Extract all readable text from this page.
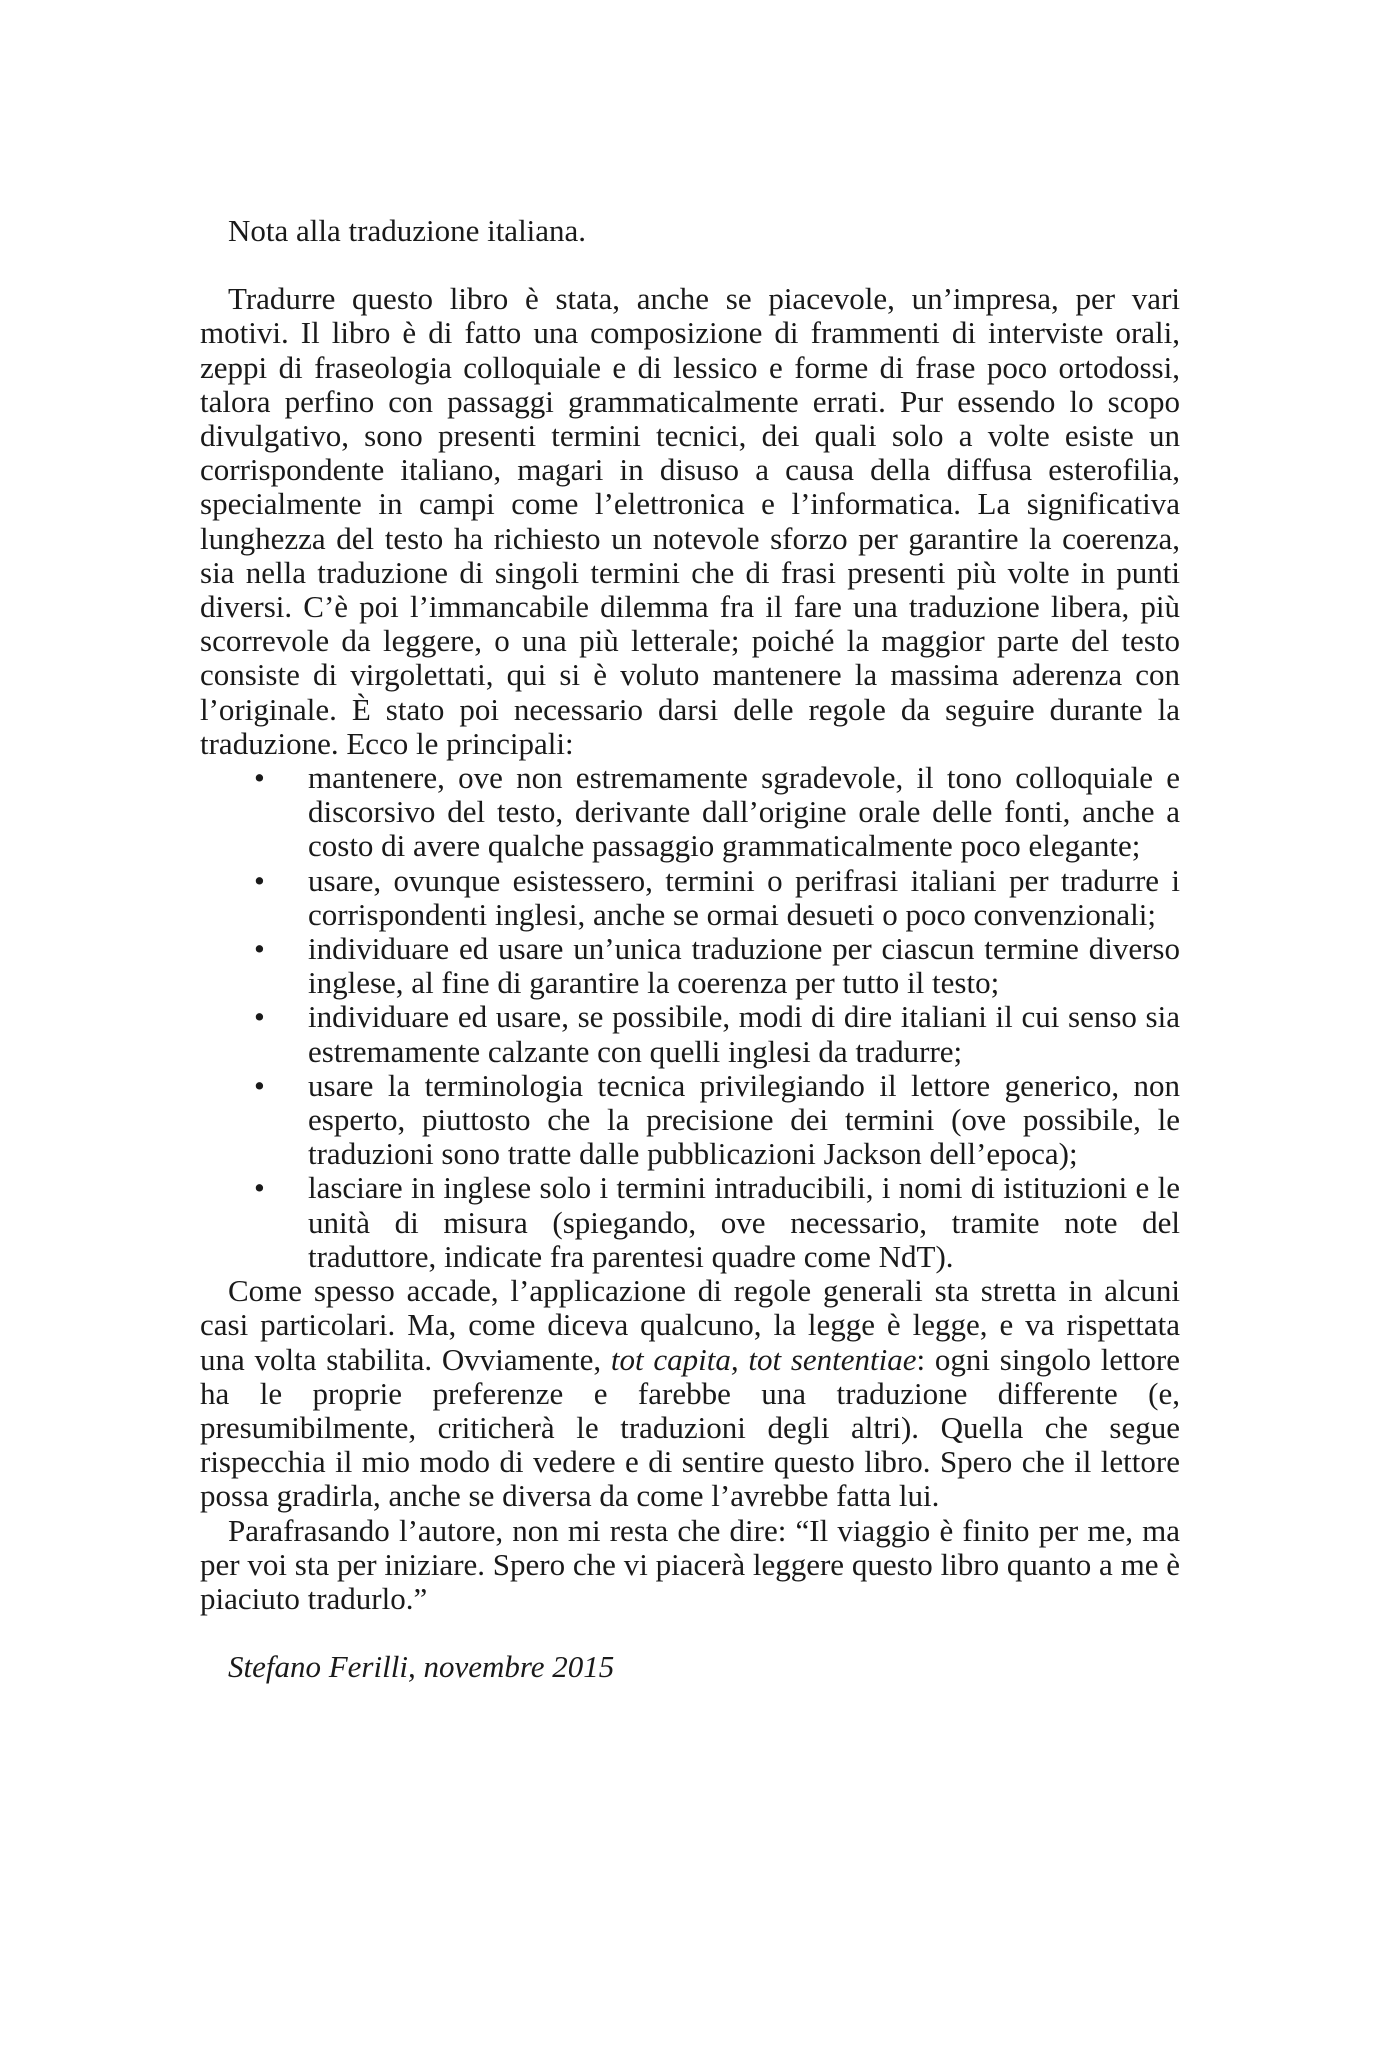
Nota alla traduzione italiana.

Tradurre questo libro è stata, anche se piacevole, un’impresa, per vari motivi. Il libro è di fatto una composizione di frammenti di interviste orali, zeppi di fraseologia colloquiale e di lessico e forme di frase poco ortodossi, talora perfino con passaggi grammaticalmente errati. Pur essendo lo scopo divulgativo, sono presenti termini tecnici, dei quali solo a volte esiste un corrispondente italiano, magari in disuso a causa della diffusa esterofilia, specialmente in campi come l’elettronica e l’informatica. La significativa lunghezza del testo ha richiesto un notevole sforzo per garantire la coerenza, sia nella traduzione di singoli termini che di frasi presenti più volte in punti diversi. C’è poi l’immancabile dilemma fra il fare una traduzione libera, più scorrevole da leggere, o una più letterale; poiché la maggior parte del testo consiste di virgolettati, qui si è voluto mantenere la massima aderenza con l’originale. È stato poi necessario darsi delle regole da seguire durante la traduzione. Ecco le principali:

• mantenere, ove non estremamente sgradevole, il tono colloquiale e discorsivo del testo, derivante dall’origine orale delle fonti, anche a costo di avere qualche passaggio grammaticalmente poco elegante;
• usare, ovunque esistessero, termini o perifrasi italiani per tradurre i corrispondenti inglesi, anche se ormai desueti o poco convenzionali;
• individuare ed usare un’unica traduzione per ciascun termine diverso inglese, al fine di garantire la coerenza per tutto il testo;
• individuare ed usare, se possibile, modi di dire italiani il cui senso sia estremamente calzante con quelli inglesi da tradurre;
• usare la terminologia tecnica privilegiando il lettore generico, non esperto, piuttosto che la precisione dei termini (ove possibile, le traduzioni sono tratte dalle pubblicazioni Jackson dell’epoca);
• lasciare in inglese solo i termini intraducibili, i nomi di istituzioni e le unità di misura (spiegando, ove necessario, tramite note del traduttore, indicate fra parentesi quadre come NdT).

Come spesso accade, l’applicazione di regole generali sta stretta in alcuni casi particolari. Ma, come diceva qualcuno, la legge è legge, e va rispettata una volta stabilita. Ovviamente, tot capita, tot sententiae: ogni singolo lettore ha le proprie preferenze e farebbe una traduzione differente (e, presumibilmente, criticherà le traduzioni degli altri). Quella che segue rispecchia il mio modo di vedere e di sentire questo libro. Spero che il lettore possa gradirla, anche se diversa da come l’avrebbe fatta lui.

Parafrasando l’autore, non mi resta che dire: “Il viaggio è finito per me, ma per voi sta per iniziare. Spero che vi piacerà leggere questo libro quanto a me è piaciuto tradurlo.”

Stefano Ferilli, novembre 2015
